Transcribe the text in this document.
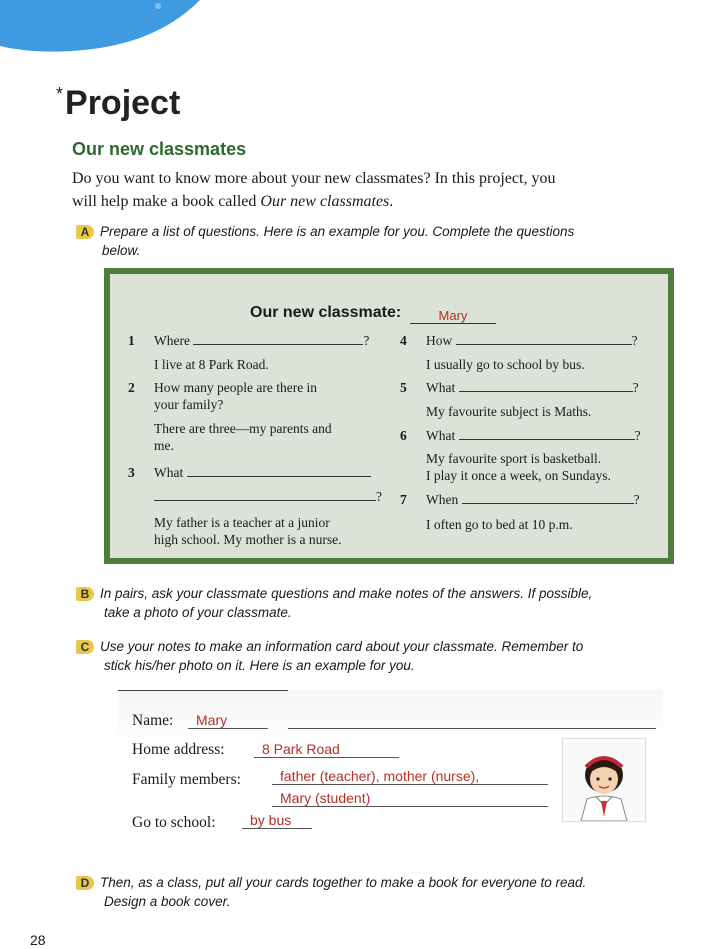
*Project
Our new classmates
Do you want to know more about your new classmates? In this project, you
will help make a book called Our new classmates.
A Prepare a list of questions. Here is an example for you. Complete the questions
below.
Our new classmate:	Mary
1 Where	?
I live at 8 Park Road.
2 How many people are there in
your family?
There are three—my parents and
me.
3 What
?
My father is a teacher at a junior
high school. My mother is a nurse.
4 How	?
I usually go to school by bus.
5 What	?
My favourite subject is Maths.
6 What	?
My favourite sport is basketball.
I play it once a week, on Sundays.
7 When	?
I often go to bed at 10 p.m.
B In pairs, ask your classmate questions and make notes of the answers. If possible,
take a photo of your classmate.
C Use your notes to make an information card about your classmate. Remember to
stick his/her photo on it. Here is an example for you.
Name:	Mary
Home address:	8 Park Road
Family members:	father (teacher), mother (nurse),
Mary (student)
Go to school:	by bus
D Then, as a class, put all your cards together to make a book for everyone to read.
Design a book cover.
28
